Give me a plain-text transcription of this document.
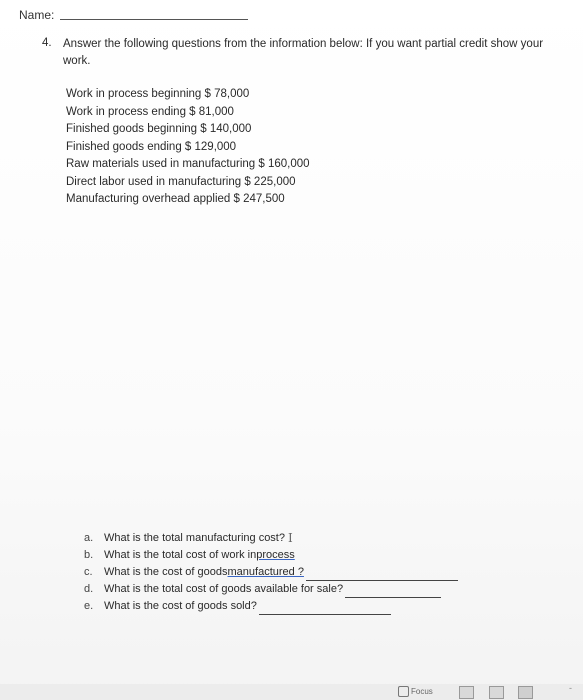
Name:
4. Answer the following questions from the information below: If you want partial credit show your work.
Work in process beginning $ 78,000
Work in process ending $ 81,000
Finished goods beginning $ 140,000
Finished goods ending $ 129,000
Raw materials used in manufacturing $ 160,000
Direct labor used in manufacturing $ 225,000
Manufacturing overhead applied $ 247,500
a. What is the total manufacturing cost? I
b. What is the total cost of work in process
c.	What is the cost of goods manufactured ?
d. What is the total cost of goods available for sale?
e. What is the cost of goods sold?
Focus	-
